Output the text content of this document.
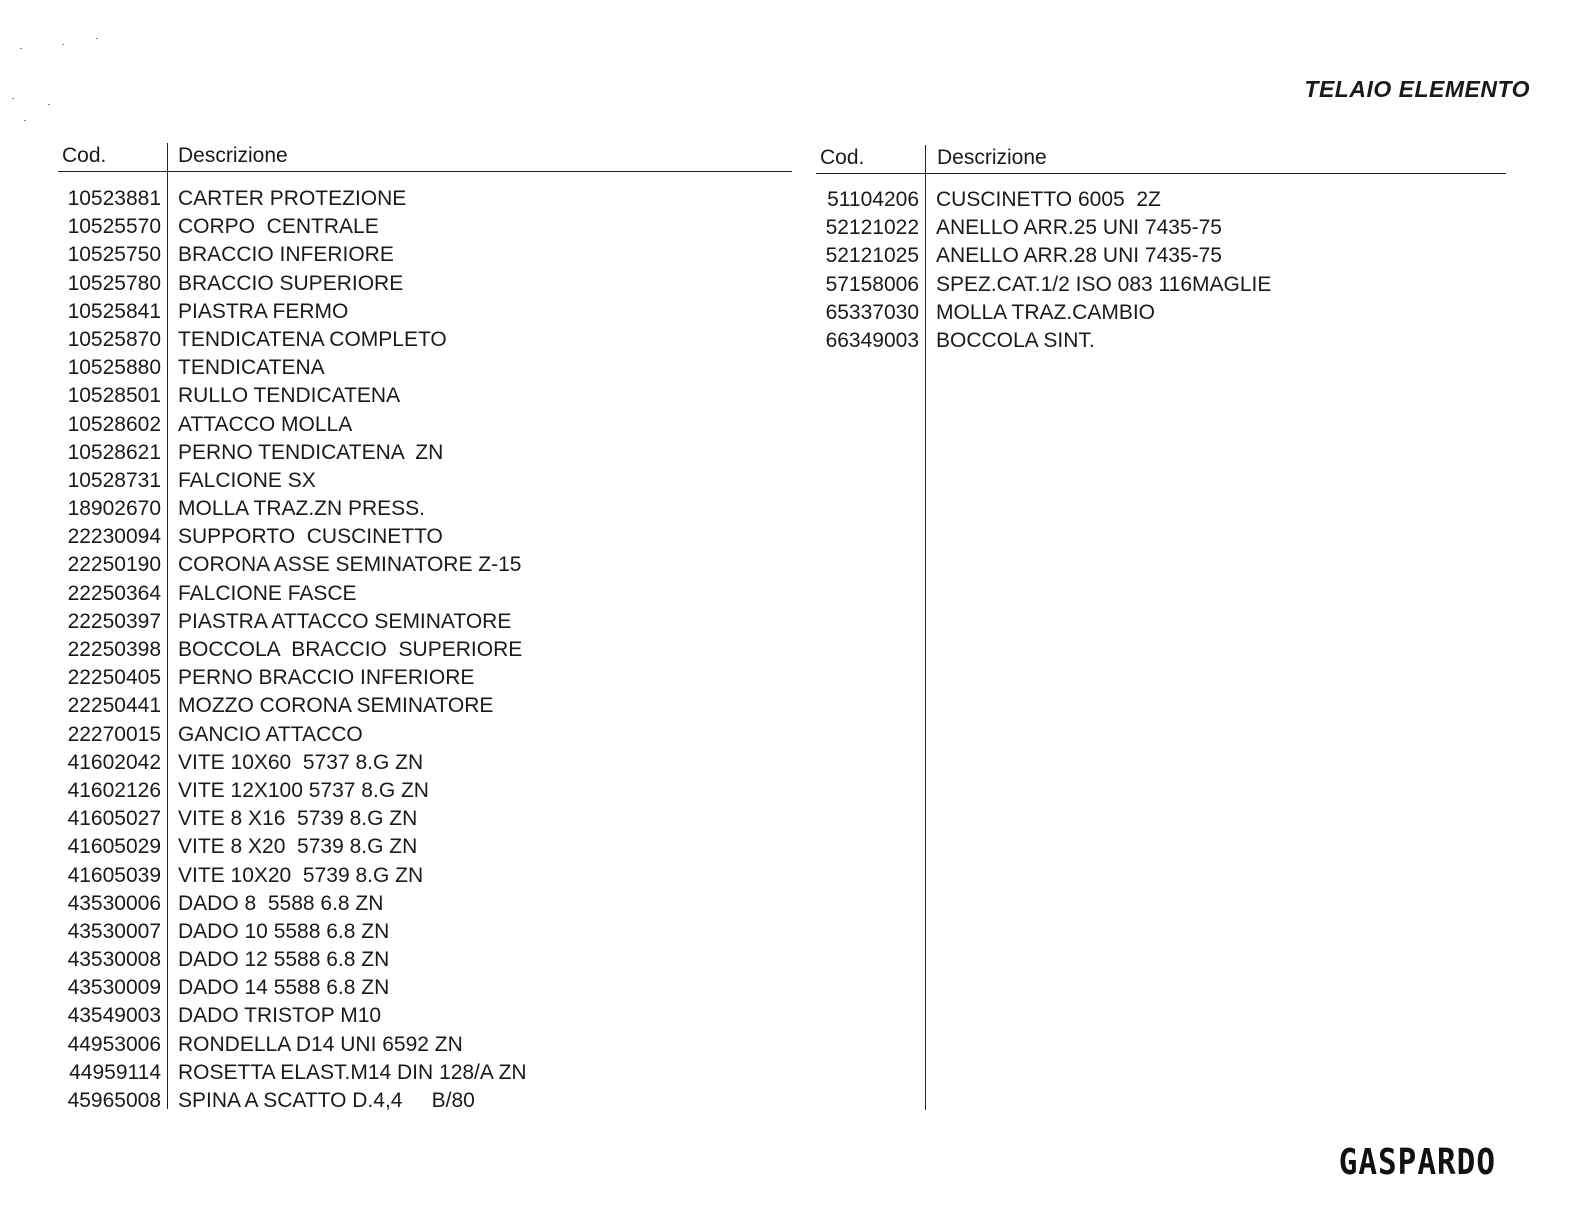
TELAIO ELEMENTO
Cod.	Descrizione	Cod.	Descrizione
10523881 CARTER PROTEZIONE
10525570 CORPO  CENTRALE
10525750 BRACCIO INFERIORE
10525780 BRACCIO SUPERIORE
10525841 PIASTRA FERMO
10525870 TENDICATENA COMPLETO
10525880 TENDICATENA
10528501 RULLO TENDICATENA
10528602 ATTACCO MOLLA
10528621 PERNO TENDICATENA  ZN
10528731 FALCIONE SX
18902670 MOLLA TRAZ.ZN PRESS.
22230094 SUPPORTO  CUSCINETTO
22250190 CORONA ASSE SEMINATORE Z-15
22250364 FALCIONE FASCE
22250397 PIASTRA ATTACCO SEMINATORE
22250398 BOCCOLA  BRACCIO  SUPERIORE
22250405 PERNO BRACCIO INFERIORE
22250441 MOZZO CORONA SEMINATORE
22270015 GANCIO ATTACCO
41602042 VITE 10X60  5737 8.G ZN
41602126 VITE 12X100 5737 8.G ZN
41605027 VITE 8 X16  5739 8.G ZN
41605029 VITE 8 X20  5739 8.G ZN
41605039 VITE 10X20  5739 8.G ZN
43530006 DADO 8  5588 6.8 ZN
43530007 DADO 10 5588 6.8 ZN
43530008 DADO 12 5588 6.8 ZN
43530009 DADO 14 5588 6.8 ZN
43549003 DADO TRISTOP M10
44953006 RONDELLA D14 UNI 6592 ZN
44959114 ROSETTA ELAST.M14 DIN 128/A ZN
45965008 SPINA A SCATTO D.4,4     B/80
51104206 CUSCINETTO 6005  2Z
52121022 ANELLO ARR.25 UNI 7435-75
52121025 ANELLO ARR.28 UNI 7435-75
57158006 SPEZ.CAT.1/2 ISO 083 116MAGLIE
65337030 MOLLA TRAZ.CAMBIO
66349003 BOCCOLA SINT.
GASPARDO
